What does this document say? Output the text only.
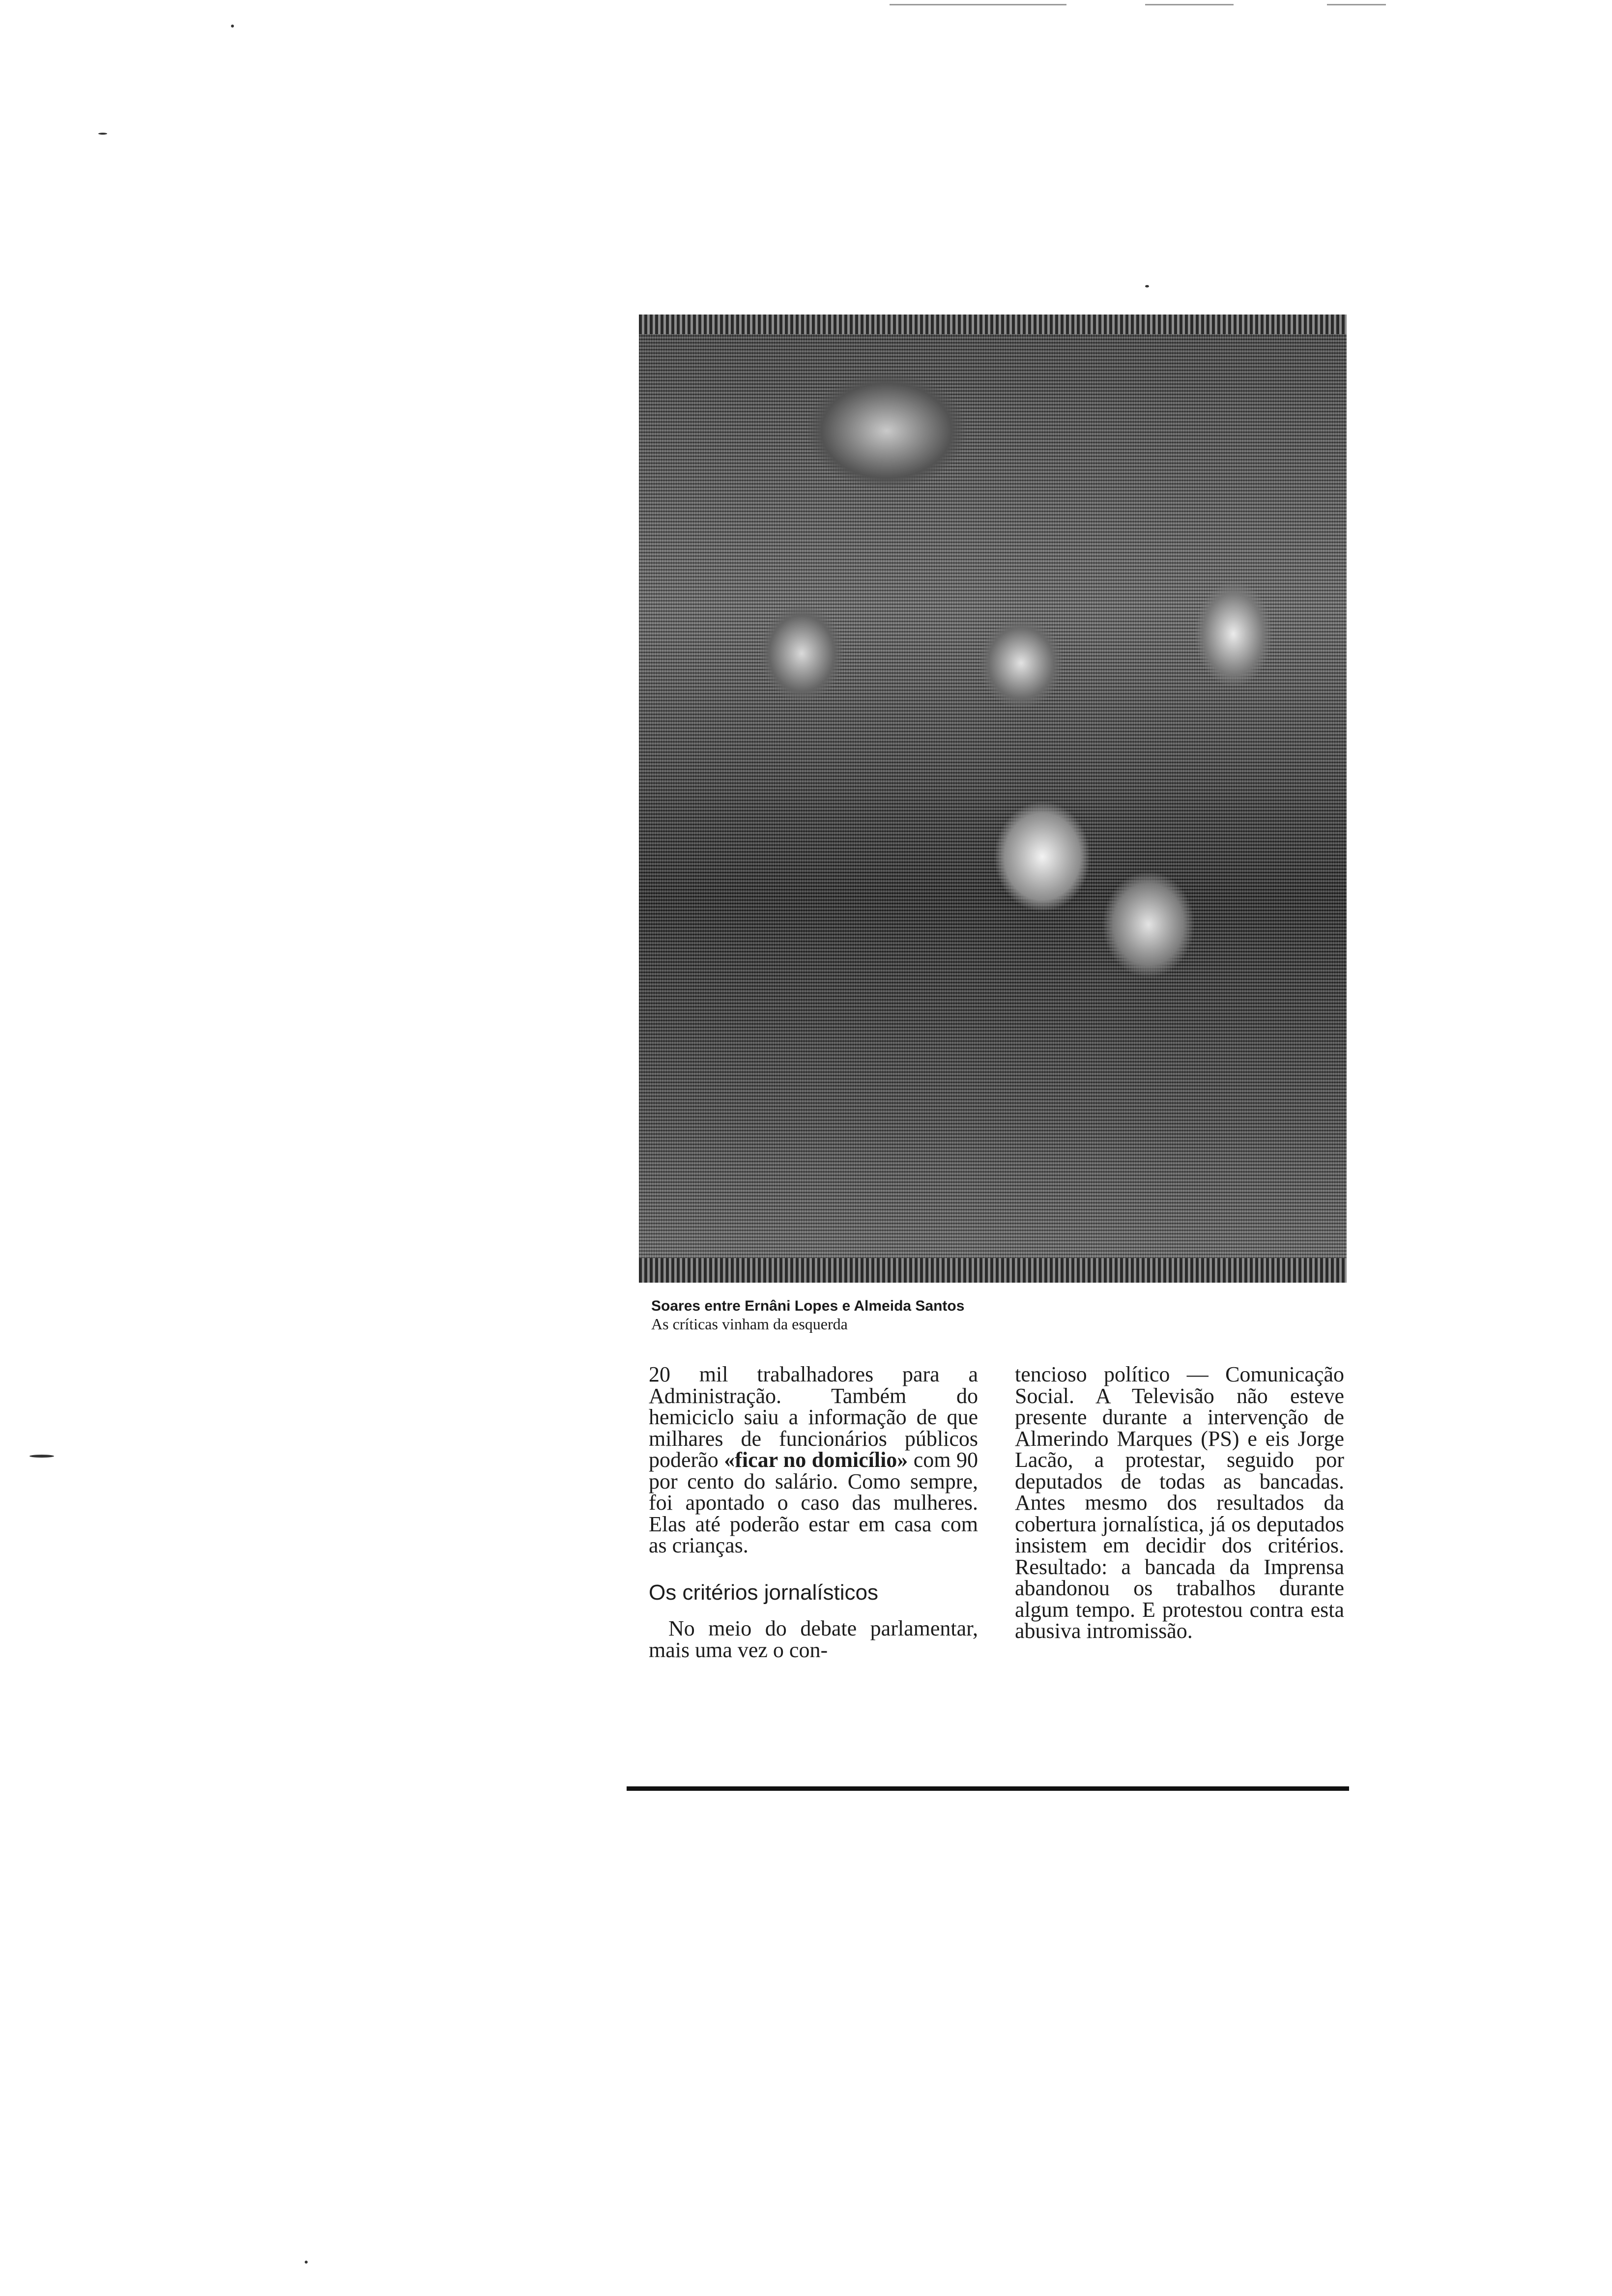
Soares entre Ernâni Lopes e Almeida Santos
As críticas vinham da esquerda

20 mil trabalhadores para a Administração. Também do hemiciclo saiu a informação de que milhares de funcionários públicos poderão «ficar no domicílio» com 90 por cento do salário. Como sempre, foi apontado o caso das mulheres. Elas até poderão estar em casa com as crianças.

Os critérios jornalísticos

No meio do debate parlamentar, mais uma vez o con-

tencioso político — Comunicação Social. A Televisão não esteve presente durante a intervenção de Almerindo Marques (PS) e eis Jorge Lacão, a protestar, seguido por deputados de todas as bancadas. Antes mesmo dos resultados da cobertura jornalística, já os deputados insistem em decidir dos critérios. Resultado: a bancada da Imprensa abandonou os trabalhos durante algum tempo. E protestou contra esta abusiva intromissão.
